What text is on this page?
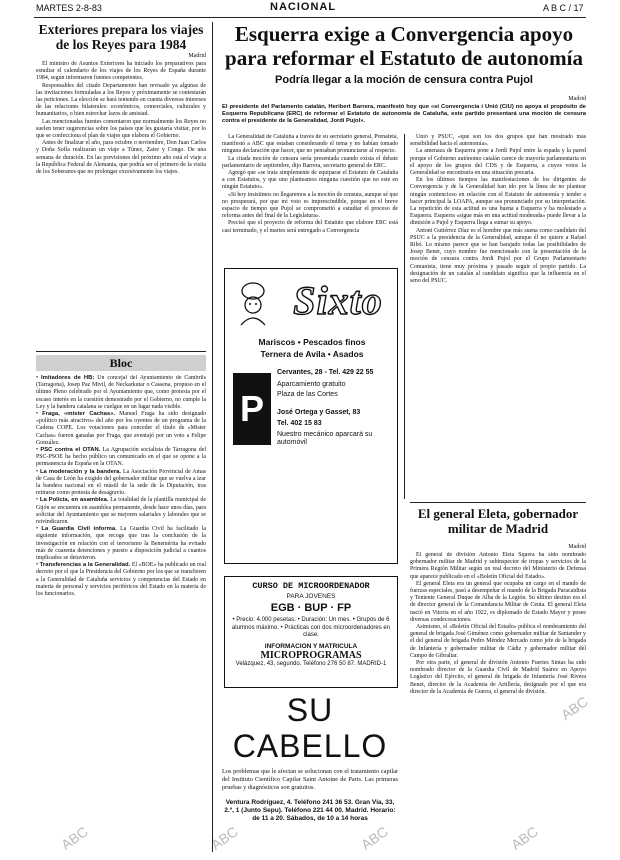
MARTES 2-8-83	NACIONAL	A B C / 17
Exteriores prepara los viajes de los Reyes para 1984
Madrid

El ministro de Asuntos Exteriores ha iniciado los preparativos para estudiar el calendario de los viajes de los Reyes de España durante 1984, según informaron fuentes competentes.

Responsables del citado Departamento han revisado ya algunas de las invitaciones formuladas a los Reyes y próximamente se contestarán las peticiones. La elección se hará teniendo en cuenta diversos intereses de las relaciones bilaterales: económicos, comerciales, culturales y humanitarios, o bien estrechar lazos de amistad.

Las mencionadas fuentes comentaron que normalmente los Reyes no suelen tener sugerencias sobre los países que les gustaría visitar, por lo que se confecciona el plan de viajes que elabora el Gobierno.

Antes de finalizar el año, para octubre o noviembre, Don Juan Carlos y Doña Sofía realizarán un viaje a Túnez, Zaire y Congo. De una semana de duración. En las previsiones del próximo año está el viaje a la República Federal de Alemania, que podría ser el primero de la visita de los Soberanos que no prolongar excesivamente los viajes.

Bloc

• Imitadores de HB: Un concejal del Ayuntamiento de Cambrils (Tarragona), Josep Paz Mivil, de Neckarkutar o Cassena, propuso en el último Pleno celebrado por el Ayuntamiento que, como protesta por el escaso interés en la cuestión demostrado por el Gobierno, no cumple la Ley y la bandera catalana se cuelgue en un lugar nada visible.

• Fraga, «mister Cachas». Manuel Fraga ha sido designado «político más atractivo» del año por los oyentes de un programa de la Cadena COPE. Los votaciones para conceder el título de «Mister Cachas» fueron ganadas por Fraga, que aventajó por un voto a Felipe González.

• PSC contra el OTAN. La Agrupación socialista de Tarragona del PSC-PSOE ha hecho público un comunicado en el que se opone a la permanencia de España en la OTAN.

• La moderación y la bandera. La Asociación Provincial de Amas de Casa de León ha exigido del gobernador militar que se vuelva a izar la bandera nacional en el mástil de la sede de la Diputación, tras retirarse como protesta de desagravio.

• La Policía, en asamblea. La totalidad de la plantilla municipal de Gijón se encuentra en asamblea permanente, desde hace unos días, para solicitar del Ayuntamiento que se mejoren salariales y laborales que se reivindicaron.

• La Guardia Civil informa. La Guardia Civil ha facilitado la siguiente información, que recoge que tras la conclusión de la investigación en relación con el terrorismo la Benemérita ha evitado más de cuarenta detenciones y puesto a disposición judicial a cuantos implicados se detuvieron.

• Transferencias a la Generalidad. El «BOE» ha publicado un real decreto por el que la Presidencia del Gobierno por los que se transfieren a la Generalidad de Cataluña servicios y competencias del Estado en materia de personal y servicios periféricos del Estado en la materia de los funcionarios.

Esquerra exige a Convergencia apoyo para reformar el Estatuto de autonomía
Podría llegar a la moción de censura contra Pujol
Madrid
El presidente del Parlamento catalán, Heribert Barrera, manifestó hoy que «si Convergencia i Unió (CiU) no apoya el propósito de Esquerra Republicana (ERC) de reformar el Estatuto de autonomía de Cataluña, este partido presentará una moción de censura contra el presidente de la Generalidad, Jordi Pujol».

La Generalidad de Cataluña a través de su secretario general, Prenafeta, manifestó a ABC que estaban considerando el tema y no habían tomado ninguna declaración que hacer, que no pensaban pronunciarse al respecto.

La citada moción de censura sería presentada cuando exista el debate parlamentario de septiembre, dijo Barrera, secretario general de ERC.

Agregó que «se trata simplemente de equiparar el Estatuto de Cataluña a con Estatutos, y que uno planteamos ninguna cuestión que no este en ningún Estatuto».

«Si hoy insistimos no llegaremos a la moción de censura, aunque sé que no prosperará, por que mi voto es imprescindible, porque en el breve espacio de tiempo que Pujol se comprometió a estudiar el proceso de reforma antes del final de la Legislatura».

Precisó que el proyecto de reforma del Estatuto que elabore ERC está casi terminado, y el martes será entregado a Convergencia

Unió y PSUC, «que son los dos grupos que han mostrado más sensibilidad hacia el autonomía».

La amenaza de Esquerra pone a Jordi Pujol entre la espada y la pared porque el Gobierno autónomo catalán carece de mayoría parlamentaria en el apoyo de los grupos del CDS y de Esquerra, a cuyos votos la Generalidad se encontraría en una situación precaria.

En los últimos tiempos las manifestaciones de los dirigentes de Convergencia y de la Generalidad han ido por la línea de no plantear ningún contencioso en relación con el Estatuto de autonomía y tender a hacer principal la LOAPA, aunque sea pronunciado por su interpretación. La repetición de esta actitud es una buena a Esquerra y ha molestado a Esquerra. Esquerra «sigue más en una actitud moderada» puede llevar a la dimisión a Pujol y Esquerra llega a sumar su apoyo.

Antoni Gutiérrez Díaz es el hombre que más suena como candidato del PSUC a la presidencia de la Generalidad, aunque él no quiere a Rafael Ribó. Lo mismo parece que se han barajado todas las posibilidades de Josep Benet, cuyo nombre fue mencionado con la presentación de la moción de censura contra Jordi Pujol por el Grupo Parlamentario Comunista, tiene muy próxima y pasado seguir el propio partido. La designación de un catalán al candidato significa que la influencia en el seno del PSUC.

Sixto
Mariscos • Pescados finos
Ternera de Avila • Asados
P
Cervantes, 28 - Tel. 429 22 55
Aparcamiento gratuito
Plaza de las Cortes
José Ortega y Gasset, 83
Tel. 402 15 83
Nuestro mecánico aparcará su automóvil
CURSO DE MICROORDENADOR
PARA JOVENES
EGB · BUP · FP
• Precio: 4.000 pesetas. • Duración: Un mes. • Grupos de 6 alumnos máximo. • Prácticas con dos microordenadores en clase.
INFORMACION Y MATRICULA
MICROPROGRAMAS
Velázquez, 43, segundo. Teléfono 276 50 87. MADRID-1
SU CABELLO
Los problemas que le afectan se solucionan con el tratamiento capilar del Instituto Científico Capilar Saint Antoine de Paris. Las primeras pruebas y diagnósticos son gratuitos.
Ventura Rodríguez, 4. Teléfono 241 36 53. Gran Vía, 33, 2.º, 1 (Junto Sepu). Teléfono 221 44 00. Madrid. Horario: de 11 a 20. Sábados, de 10 a 14 horas
El general Eleta, gobernador militar de Madrid
Madrid

El general de división Antonio Eleta Squera ha sido nombrado gobernador militar de Madrid y subinspector de tropas y servicios de la Primera Región Militar según un real decreto del Ministerio de Defensa que aparece publicado en el «Boletín Oficial del Estado».

El general Eleta era un general que ocupaba un cargo en el mando de fuerzas especiales, pasó a desempeñar el mando de la Brigada Paracaidista y Teniente General Duque de Alba de la Legión. Su último destino era el de director general de la Comandancia Militar de Ceuta. El general Eleta nació en Vitoria en el año 1922, es diplomado de Estado Mayor y posee diversas condecoraciones.

Asimismo, el «Boletín Oficial del Estado» publica el nombramiento del general de brigada José Giménez como gobernador militar de Santander y el del general de brigada Pedro Méndez Mercado como jefe de la brigada de Infantería y gobernador militar de Cádiz y gobernador militar del Campo de Gibraltar.

Por otra parte, el general de división Antonio Fuertes Sintas ha sido nombrado director de la Guardia Civil de Madrid Suárez en Apoyo Logístico del Ejército, el general de brigada de Infantería José Rivera Benet, director de la Academia de Artillería, designado por el que era director de la Academia de Guerra, el general de división.

ABC	ABC	ABC	ABC
ABC
